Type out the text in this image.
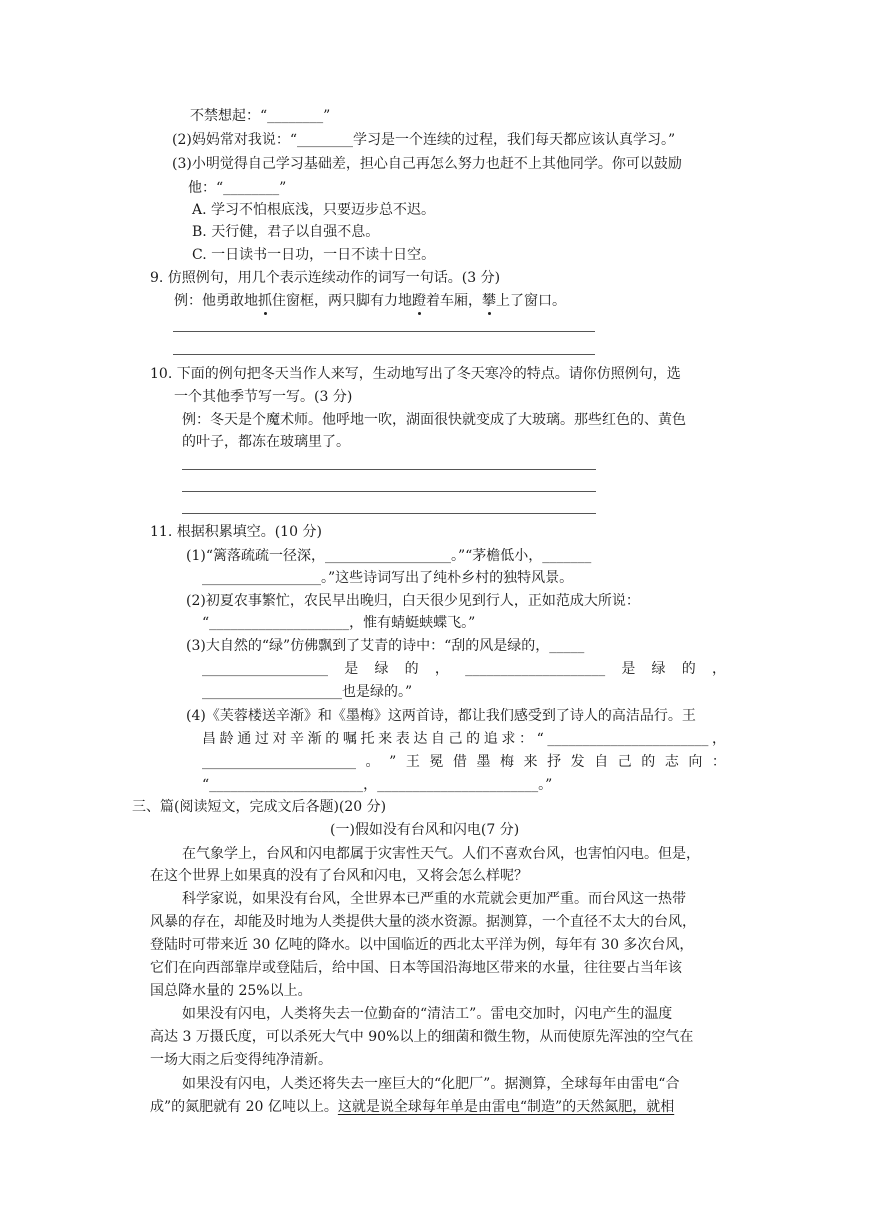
不禁想起：“________”
(2)妈妈常对我说：“________学习是一个连续的过程，我们每天都应该认真学习。”
(3)小明觉得自己学习基础差，担心自己再怎么努力也赶不上其他同学。你可以鼓励
他：“________”
A. 学习不怕根底浅，只要迈步总不迟。
B. 天行健，君子以自强不息。
C. 一日读书一日功，一日不读十日空。
9. 仿照例句，用几个表示连续动作的词写一句话。(3 分)
例：他勇敢地抓住窗框，两只脚有力地蹬着车厢，攀上了窗口。
10. 下面的例句把冬天当作人来写，生动地写出了冬天寒冷的特点。请你仿照例句，选
一个其他季节写一写。(3 分)
例：冬天是个魔术师。他呼地一吹，湖面很快就变成了大玻璃。那些红色的、黄色
的叶子，都冻在玻璃里了。
11. 根据积累填空。(10 分)
(1)“篱落疏疏一径深，__________________。”“茅檐低小，_______
_________________。”这些诗词写出了纯朴乡村的独特风景。
(2)初夏农事繁忙，农民早出晚归，白天很少见到行人，正如范成大所说：
“____________________，惟有蜻蜓蛱蝶飞。”
(3)大自然的“绿”仿佛飘到了艾青的诗中：“刮的风是绿的，_____
__________________ 是 绿 的 ， ____________________ 是 绿 的 ，
____________________也是绿的。”
(4)《芙蓉楼送辛渐》和《墨梅》这两首诗，都让我们感受到了诗人的高洁品行。王
昌 龄 通 过 对 辛 渐 的 嘱 托 来 表 达 自 己 的 追 求 ： “ _______________________ ，
______________________ 。 ” 王 冕 借 墨 梅 来 抒 发 自 己 的 志 向 ：
“______________________，_______________________。”
三、篇(阅读短文，完成文后各题)(20 分)
(一)假如没有台风和闪电(7 分)
在气象学上，台风和闪电都属于灾害性天气。人们不喜欢台风，也害怕闪电。但是，
在这个世界上如果真的没有了台风和闪电，又将会怎么样呢？
科学家说，如果没有台风，全世界本已严重的水荒就会更加严重。而台风这一热带
风暴的存在，却能及时地为人类提供大量的淡水资源。据测算，一个直径不太大的台风，
登陆时可带来近 30 亿吨的降水。以中国临近的西北太平洋为例，每年有 30 多次台风，
它们在向西部靠岸或登陆后，给中国、日本等国沿海地区带来的水量，往往要占当年该
国总降水量的 25%以上。
如果没有闪电，人类将失去一位勤奋的“清洁工”。雷电交加时，闪电产生的温度
高达 3 万摄氏度，可以杀死大气中 90%以上的细菌和微生物，从而使原先浑浊的空气在
一场大雨之后变得纯净清新。
如果没有闪电，人类还将失去一座巨大的“化肥厂”。据测算，全球每年由雷电“合
成”的氮肥就有 20 亿吨以上。这就是说全球每年单是由雷电“制造”的天然氮肥，就相
